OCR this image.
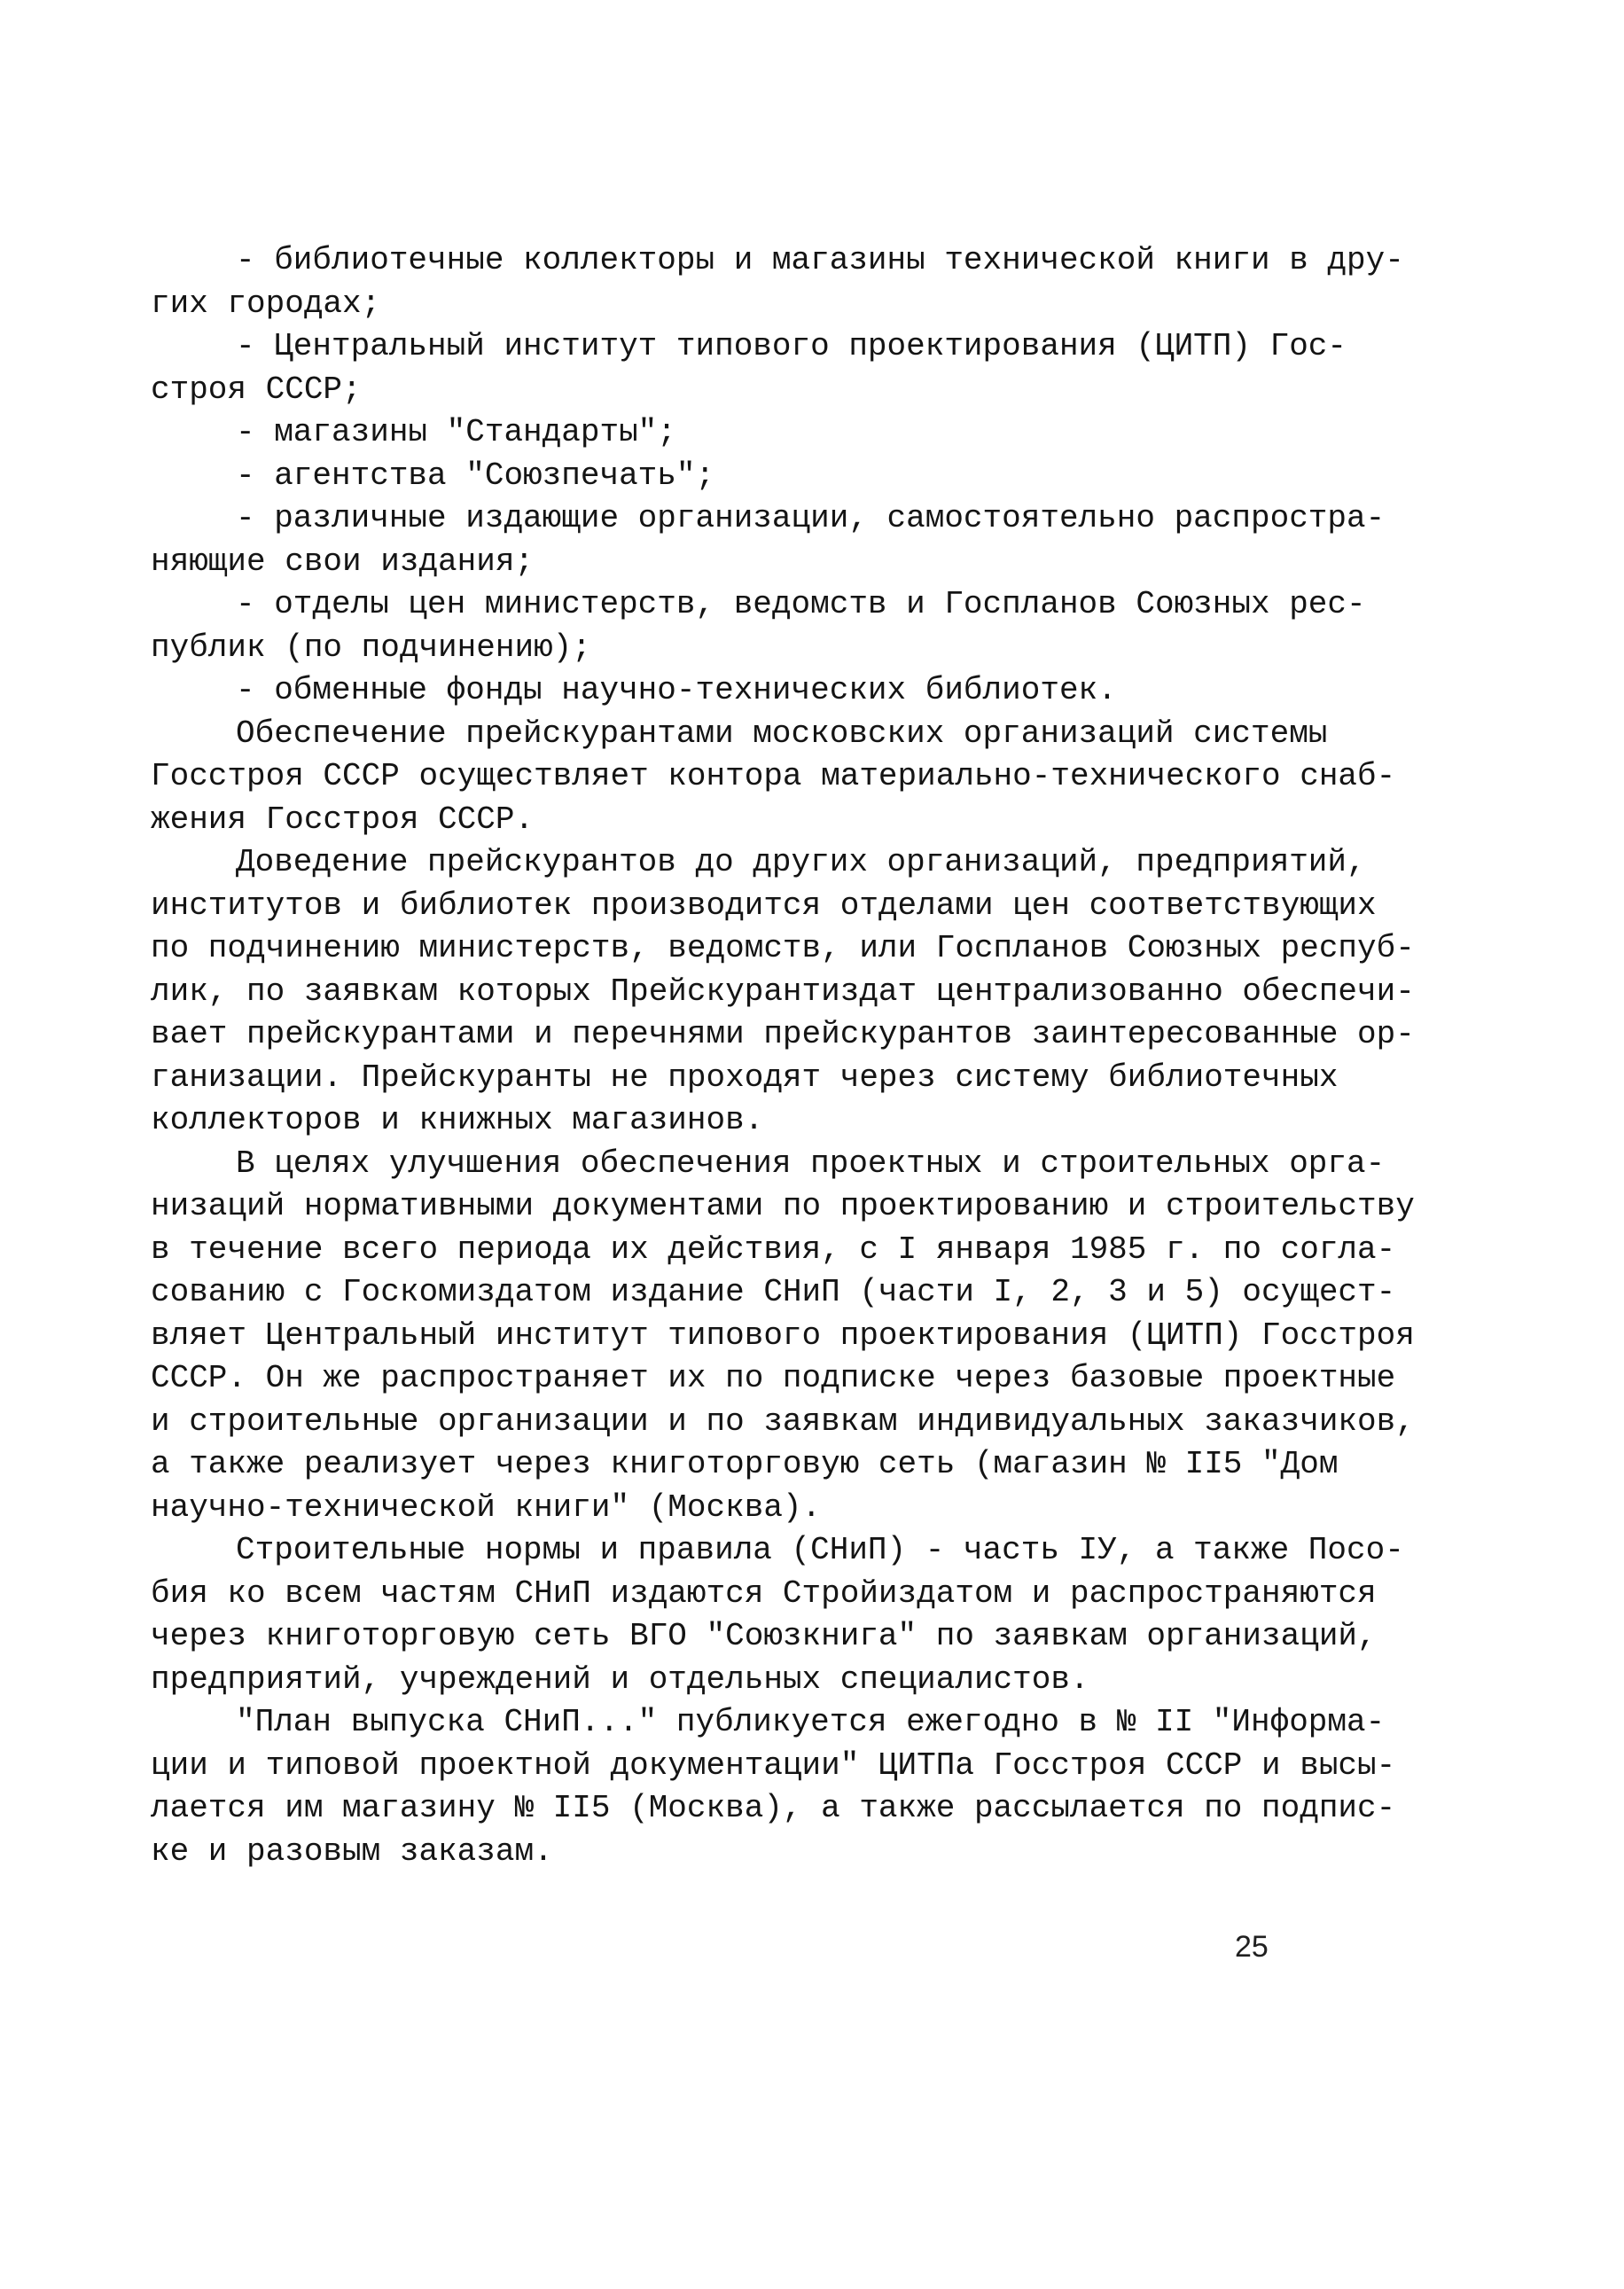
- библиотечные коллекторы и магазины технической книги в дру-
гих городах;
- Центральный институт типового проектирования (ЦИТП) Гос-
строя СССР;
- магазины "Стандарты";
- агентства "Союзпечать";
- различные издающие организации, самостоятельно распростра-
няющие свои издания;
- отделы цен министерств, ведомств и Госпланов Союзных рес-
публик (по подчинению);
- обменные фонды научно-технических библиотек.
Обеспечение прейскурантами московских организаций системы
Госстроя СССР осуществляет контора материально-технического снаб-
жения Госстроя СССР.
Доведение прейскурантов до других организаций, предприятий,
институтов и библиотек производится отделами цен соответствующих
по подчинению министерств, ведомств, или Госпланов Союзных респуб-
лик, по заявкам которых Прейскурантиздат централизованно обеспечи-
вает прейскурантами и перечнями прейскурантов заинтересованные ор-
ганизации. Прейскуранты не проходят через систему библиотечных
коллекторов и книжных магазинов.
В целях улучшения обеспечения проектных и строительных орга-
низаций нормативными документами по проектированию и строительству
в течение всего периода их действия, с I января 1985 г. по согла-
сованию с Госкомиздатом издание СНиП (части I, 2, 3 и 5) осущест-
вляет Центральный институт типового проектирования (ЦИТП) Госстроя
СССР. Он же распространяет их по подписке через базовые проектные
и строительные организации и по заявкам индивидуальных заказчиков,
а также реализует через книготорговую сеть (магазин № II5 "Дом
научно-технической книги" (Москва).
Строительные нормы и правила (СНиП) - часть IУ, а также Посо-
бия ко всем частям СНиП издаются Стройиздатом и распространяются
через книготорговую сеть ВГО "Союзкнига" по заявкам организаций,
предприятий, учреждений и отдельных специалистов.
"План выпуска СНиП..." публикуется ежегодно в № II "Информа-
ции и типовой проектной документации" ЦИТПа Госстроя СССР и высы-
лается им магазину № II5 (Москва), а также рассылается по подпис-
ке и разовым заказам.
25
